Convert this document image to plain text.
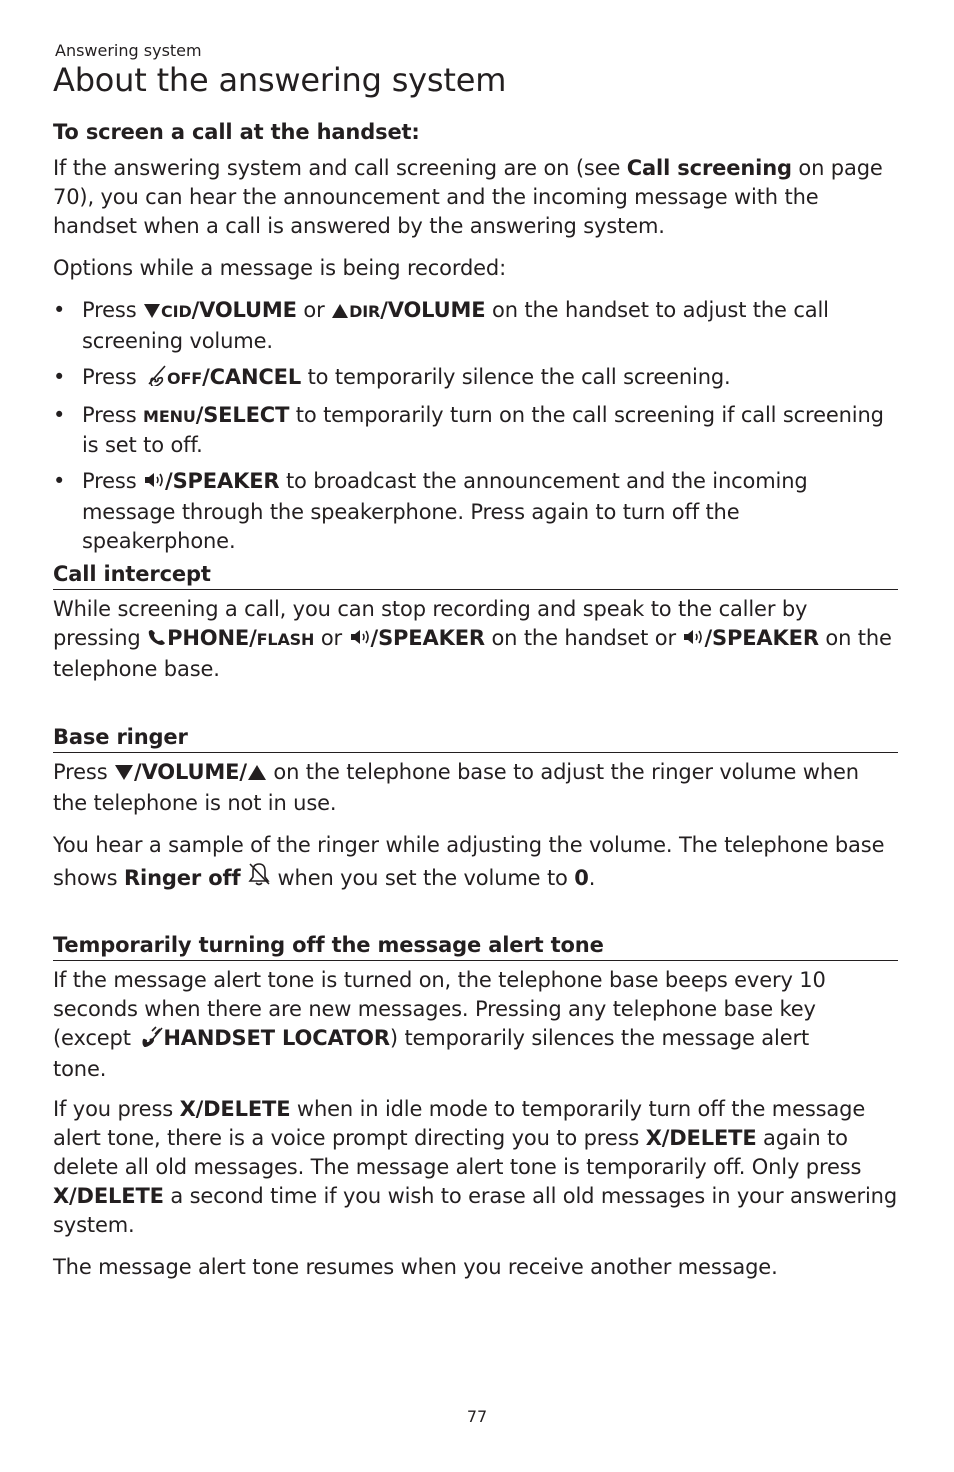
Answering system
About the answering system
To screen a call at the handset:

If the answering system and call screening are on (see Call screening on page 70), you can hear the announcement and the incoming message with the handset when a call is answered by the answering system.

Options while a message is being recorded:

• Press CID/VOLUME or DIR/VOLUME on the handset to adjust the call screening volume.
• Press OFF/CANCEL to temporarily silence the call screening.
• Press MENU/SELECT to temporarily turn on the call screening if call screening is set to off.
• Press /SPEAKER to broadcast the announcement and the incoming message through the speakerphone. Press again to turn off the speakerphone.
Call intercept

While screening a call, you can stop recording and speak to the caller by pressing PHONE/FLASH or /SPEAKER on the handset or /SPEAKER on the telephone base.

Base ringer

Press /VOLUME/ on the telephone base to adjust the ringer volume when the telephone is not in use.

You hear a sample of the ringer while adjusting the volume. The telephone base shows Ringer off  when you set the volume to 0.

Temporarily turning off the message alert tone

If the message alert tone is turned on, the telephone base beeps every 10 seconds when there are new messages. Pressing any telephone base key (except HANDSET LOCATOR) temporarily silences the message alert tone.

If you press X/DELETE when in idle mode to temporarily turn off the message alert tone, there is a voice prompt directing you to press X/DELETE again to delete all old messages. The message alert tone is temporarily off. Only press X/DELETE a second time if you wish to erase all old messages in your answering system.

The message alert tone resumes when you receive another message.

77
